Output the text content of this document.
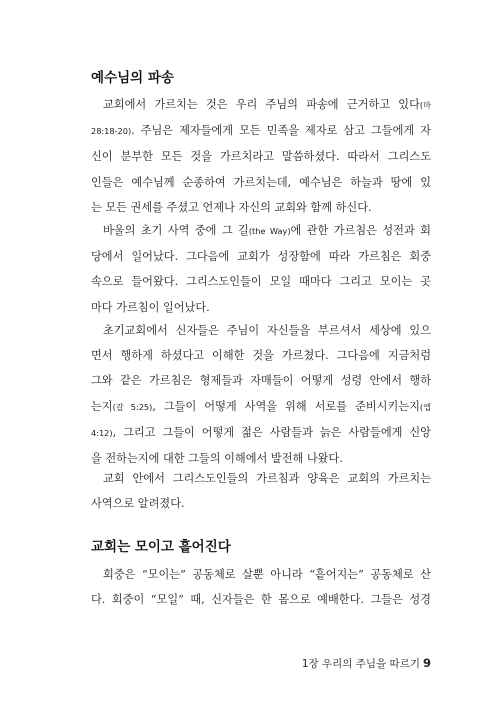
예수님의 파송
교회에서 가르치는 것은 우리 주님의 파송에 근거하고 있다(마
28:18-20). 주님은 제자들에게 모든 민족을 제자로 삼고 그들에게 자
신이 분부한 모든 것을 가르치라고 말씀하셨다. 따라서 그리스도
인들은 예수님께 순종하여 가르치는데, 예수님은 하늘과 땅에 있
는 모든 권세를 주셨고 언제나 자신의 교회와 함께 하신다.
바울의 초기 사역 중에 그 길(the Way)에 관한 가르침은 성전과 회
당에서 일어났다. 그다음에 교회가 성장함에 따라 가르침은 회중
속으로 들어왔다. 그리스도인들이 모일 때마다 그리고 모이는 곳
마다 가르침이 일어났다.
초기교회에서 신자들은 주님이 자신들을 부르셔서 세상에 있으
면서 행하게 하셨다고 이해한 것을 가르쳤다. 그다음에 지금처럼
그와 같은 가르침은 형제들과 자매들이 어떻게 성령 안에서 행하
는지(갈 5:25), 그들이 어떻게 사역을 위해 서로를 준비시키는지(엡
4:12), 그리고 그들이 어떻게 젊은 사람들과 늙은 사람들에게 신앙
을 전하는지에 대한 그들의 이해에서 발전해 나왔다.
교회 안에서 그리스도인들의 가르침과 양육은 교회의 가르치는
사역으로 알려졌다.
교회는 모이고 흩어진다
회중은 “모이는” 공동체로 살뿐 아니라 “흩어지는” 공동체로 산
다. 회중이 “모일” 때, 신자들은 한 몸으로 예배한다. 그들은 성경
1장 우리의 주님을 따르기 9
